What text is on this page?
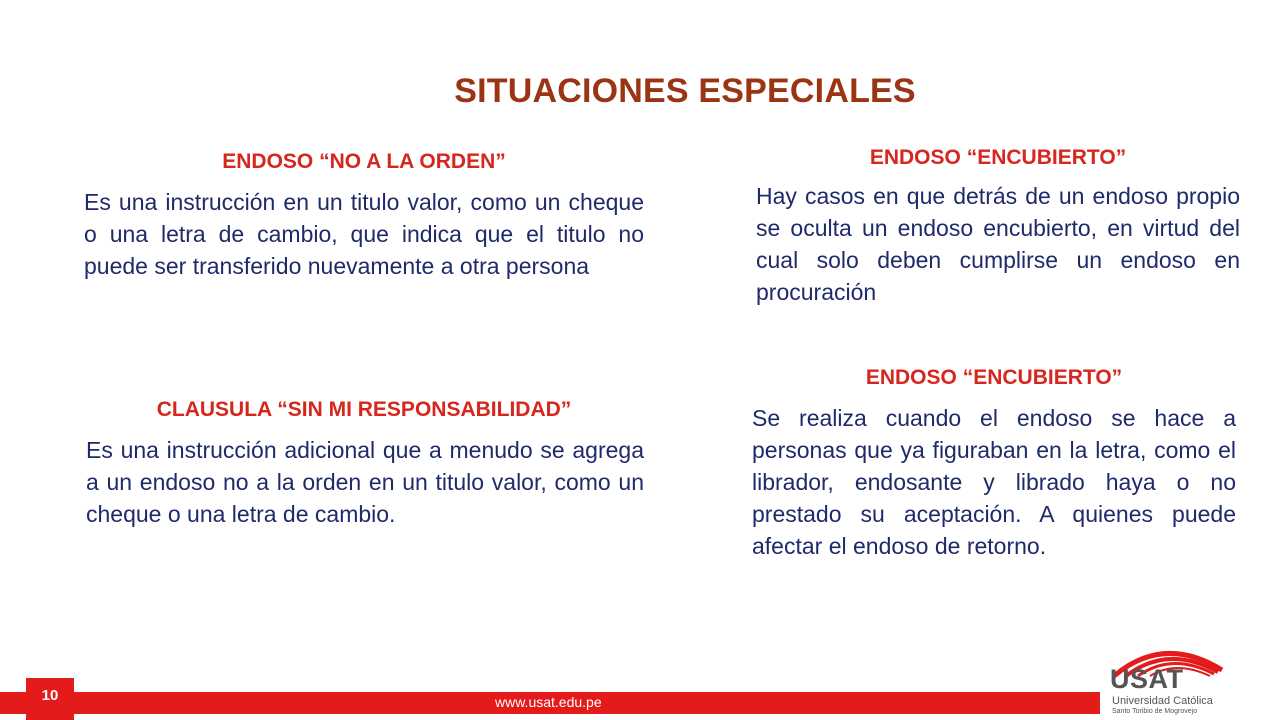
SITUACIONES ESPECIALES
ENDOSO “NO A LA ORDEN”

Es una instrucción en un titulo valor, como un cheque o una letra de cambio, que indica que el titulo no puede ser transferido nuevamente a otra persona

CLAUSULA “SIN MI RESPONSABILIDAD”

Es una instrucción adicional que a menudo se agrega a un endoso no a la orden en un titulo valor, como un cheque o una letra de cambio.

ENDOSO “ENCUBIERTO”

Hay casos en que detrás de un endoso propio se oculta un endoso encubierto, en virtud del cual solo deben cumplirse un endoso en procuración

ENDOSO “ENCUBIERTO”

Se realiza cuando el endoso se hace a personas que ya figuraban en la letra, como el librador, endosante y librado haya o no prestado su aceptación. A quienes puede afectar el endoso de retorno.

10	www.usat.edu.pe
USAT
Universidad Católica
Santo Toribio de Mogrovejo
